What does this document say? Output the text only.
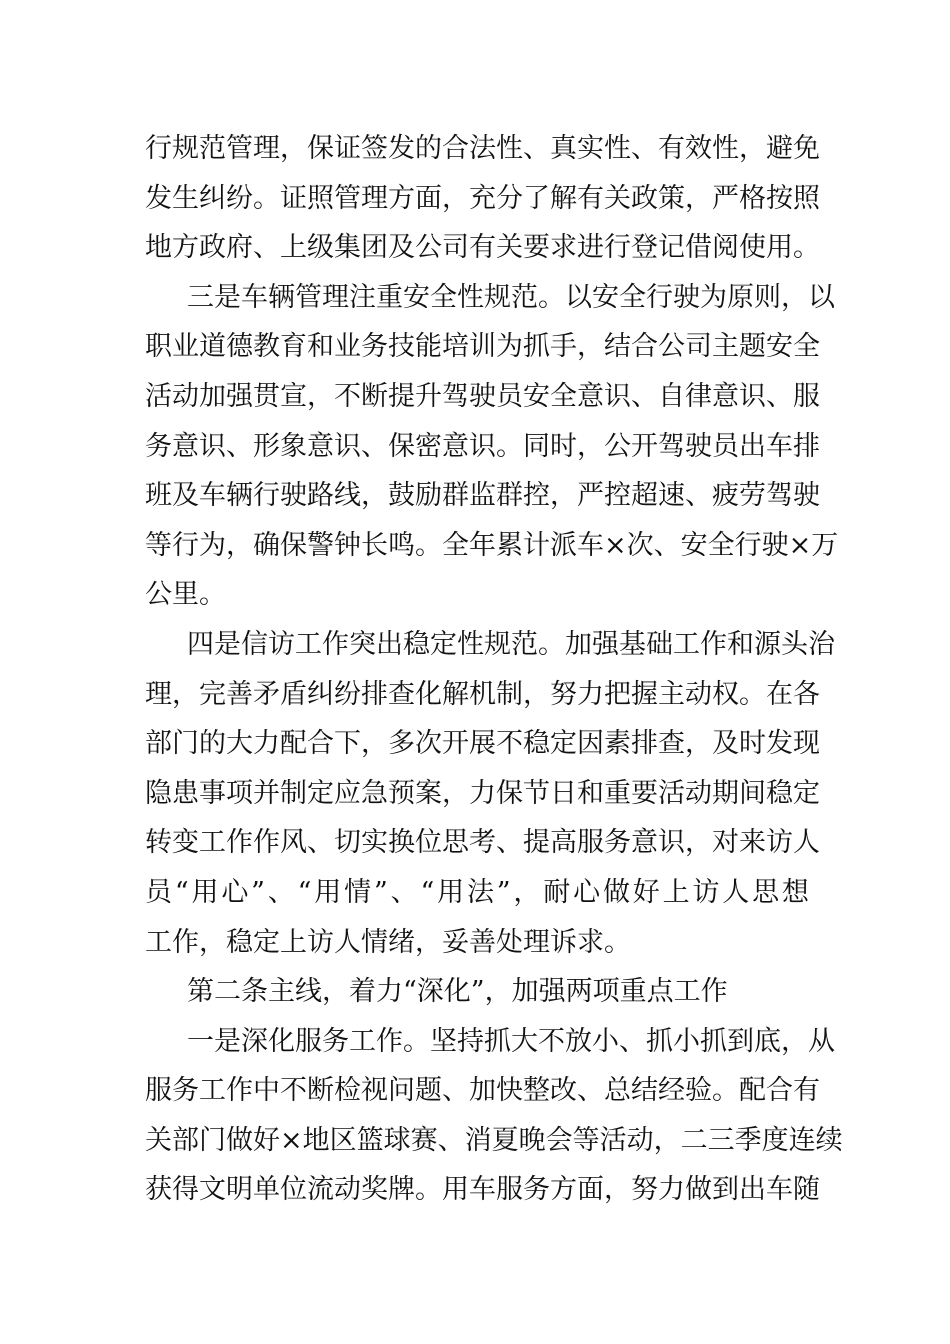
行规范管理，保证签发的合法性、真实性、有效性，避免
发生纠纷。证照管理方面，充分了解有关政策，严格按照
地方政府、上级集团及公司有关要求进行登记借阅使用。
三是车辆管理注重安全性规范。以安全行驶为原则，以
职业道德教育和业务技能培训为抓手，结合公司主题安全
活动加强贯宣，不断提升驾驶员安全意识、自律意识、服
务意识、形象意识、保密意识。同时，公开驾驶员出车排
班及车辆行驶路线，鼓励群监群控，严控超速、疲劳驾驶
等行为，确保警钟长鸣。全年累计派车×次、安全行驶×万
公里。
四是信访工作突出稳定性规范。加强基础工作和源头治
理，完善矛盾纠纷排查化解机制，努力把握主动权。在各
部门的大力配合下，多次开展不稳定因素排查，及时发现
隐患事项并制定应急预案，力保节日和重要活动期间稳定
转变工作作风、切实换位思考、提高服务意识，对来访人
员“用心”、“用情”、“用法”，耐心做好上访人思想
工作，稳定上访人情绪，妥善处理诉求。
第二条主线，着力“深化”，加强两项重点工作
一是深化服务工作。坚持抓大不放小、抓小抓到底，从
服务工作中不断检视问题、加快整改、总结经验。配合有
关部门做好×地区篮球赛、消夏晚会等活动，二三季度连续
获得文明单位流动奖牌。用车服务方面，努力做到出车随
